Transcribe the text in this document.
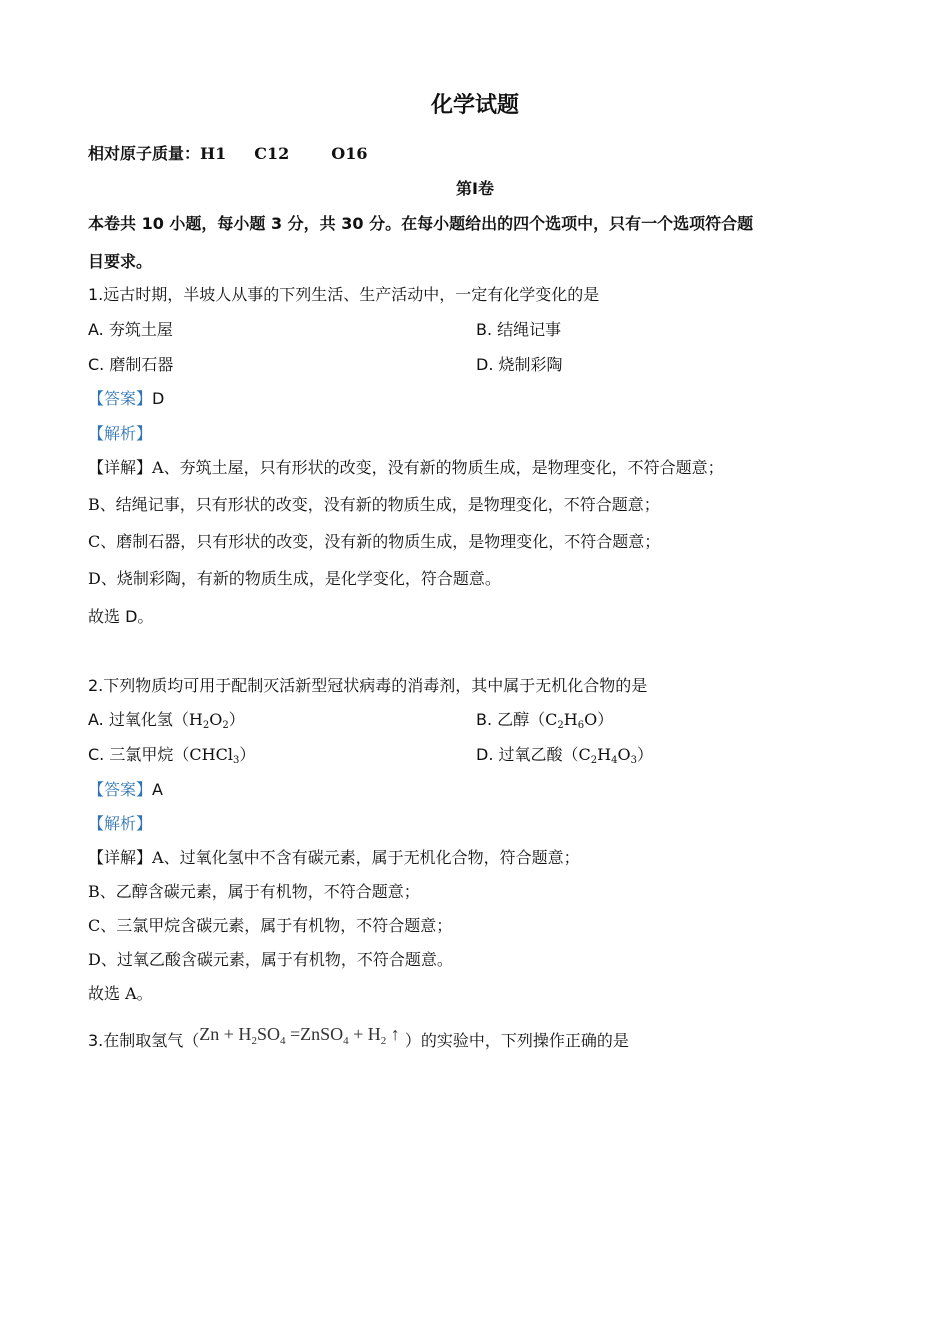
化学试题
相对原子质量：H1 C12	O16
第Ⅰ卷
本卷共 10 小题，每小题 3 分，共 30 分。在每小题给出的四个选项中，只有一个选项符合题
目要求。
1.远古时期，半坡人从事的下列生活、生产活动中，一定有化学变化的是
A. 夯筑土屋	B. 结绳记事
C. 磨制石器	D. 烧制彩陶
【答案】D
【解析】
【详解】A、夯筑土屋，只有形状的改变，没有新的物质生成，是物理变化，不符合题意；
B、结绳记事，只有形状的改变，没有新的物质生成，是物理变化，不符合题意；
C、磨制石器，只有形状的改变，没有新的物质生成，是物理变化，不符合题意；
D、烧制彩陶，有新的物质生成，是化学变化，符合题意。
故选 D。
2.下列物质均可用于配制灭活新型冠状病毒的消毒剂，其中属于无机化合物的是
A. 过氧化氢$(H_2O_2)$	B. 乙醇$(C_2H_6O)$
C. 三氯甲烷（CHCl$_3$）	D. 过氧乙酸$(C_2H_4O_3)$
【答案】A
【解析】
【详解】A、过氧化氢中不含有碳元素，属于无机化合物，符合题意；
B、乙醇含碳元素，属于有机物，不符合题意；
C、三氯甲烷含碳元素，属于有机物，不符合题意；
D、过氧乙酸含碳元素，属于有机物，不符合题意。
故选 A。
3.在制取氢气（$Zn + H_2SO_4$ =ZnSO$_4$ + $H_2$ ↑ ）的实验中，下列操作正确的是
